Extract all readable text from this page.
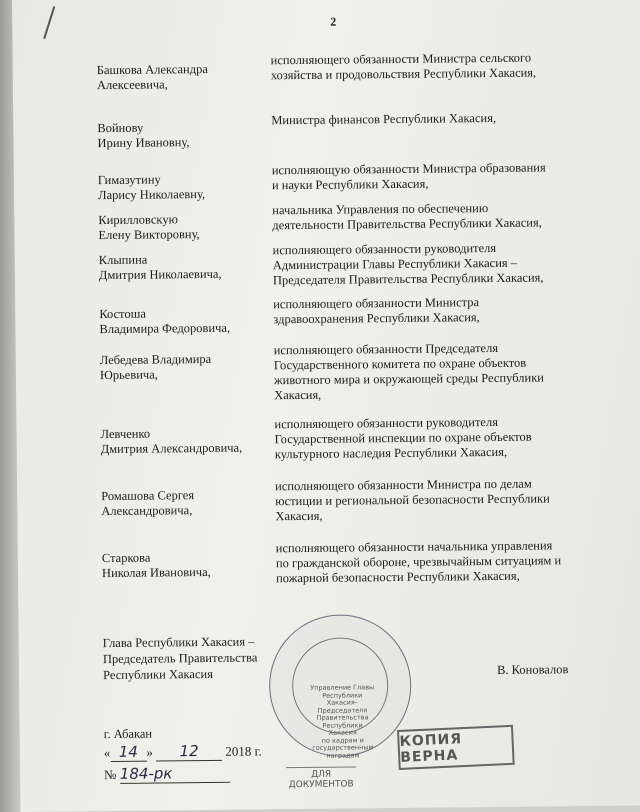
2
Башкова Александра
Алексеевича,
исполняющего обязанности Министра сельского
хозяйства и продовольствия Республики Хакасия,
Войнову
Ирину Ивановну,
Министра финансов Республики Хакасия,
Гимазутину
Ларису Николаевну,
исполняющую обязанности Министра образования
и науки Республики Хакасия,
Кирилловскую
Елену Викторовну,
начальника Управления по обеспечению
деятельности Правительства Республики Хакасия,
Клыпина
Дмитрия Николаевича,
исполняющего обязанности руководителя
Администрации Главы Республики Хакасия –
Председателя Правительства Республики Хакасия,
Костоша
Владимира Федоровича,
исполняющего обязанности Министра
здравоохранения Республики Хакасия,
Лебедева Владимира
Юрьевича,
исполняющего обязанности Председателя
Государственного комитета по охране объектов
животного мира и окружающей среды Республики
Хакасия,
Левченко
Дмитрия Александровича,
исполняющего обязанности руководителя
Государственной инспекции по охране объектов
культурного наследия Республики Хакасия,
Ромашова Сергея
Александровича,
исполняющего обязанности Министра по делам
юстиции и региональной безопасности Республики
Хакасия,
Старкова
Николая Ивановича,
исполняющего обязанности начальника управления
по гражданской обороне, чрезвычайным ситуациям и
пожарной безопасности Республики Хакасия,
Глава Республики Хакасия –
Председатель Правительства
Республики Хакасия	В. Коновалов
г. Абакан
« 14 » 12 2018 г.
№ 184-рк
Управление Главы
Республики Хакасия–
Председателя
Правительства
Республики Хакасия
по кадрам и
государственным
наградам
КОПИЯ ВЕРНА
ДЛЯ
ДОКУМЕНТОВ
